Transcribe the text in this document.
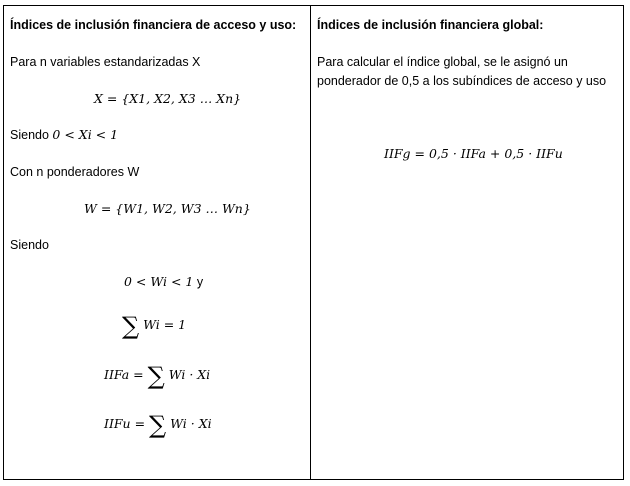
Índices de inclusión financiera de acceso y uso:
Para n variables estandarizadas X
X = {X1, X2, X3 … Xn}
Siendo 0 < Xi < 1
Con n ponderadores W
W = {W1, W2, W3 … Wn}
Siendo
0 < Wi < 1 y
∑ Wi = 1
IIFa = ∑ Wi · Xi
IIFu = ∑ Wi · Xi
Índices de inclusión financiera global:
Para calcular el índice global, se le asignó un ponderador de 0,5 a los subíndices de acceso y uso
IIFg = 0,5 · IIFa + 0,5 · IIFu
